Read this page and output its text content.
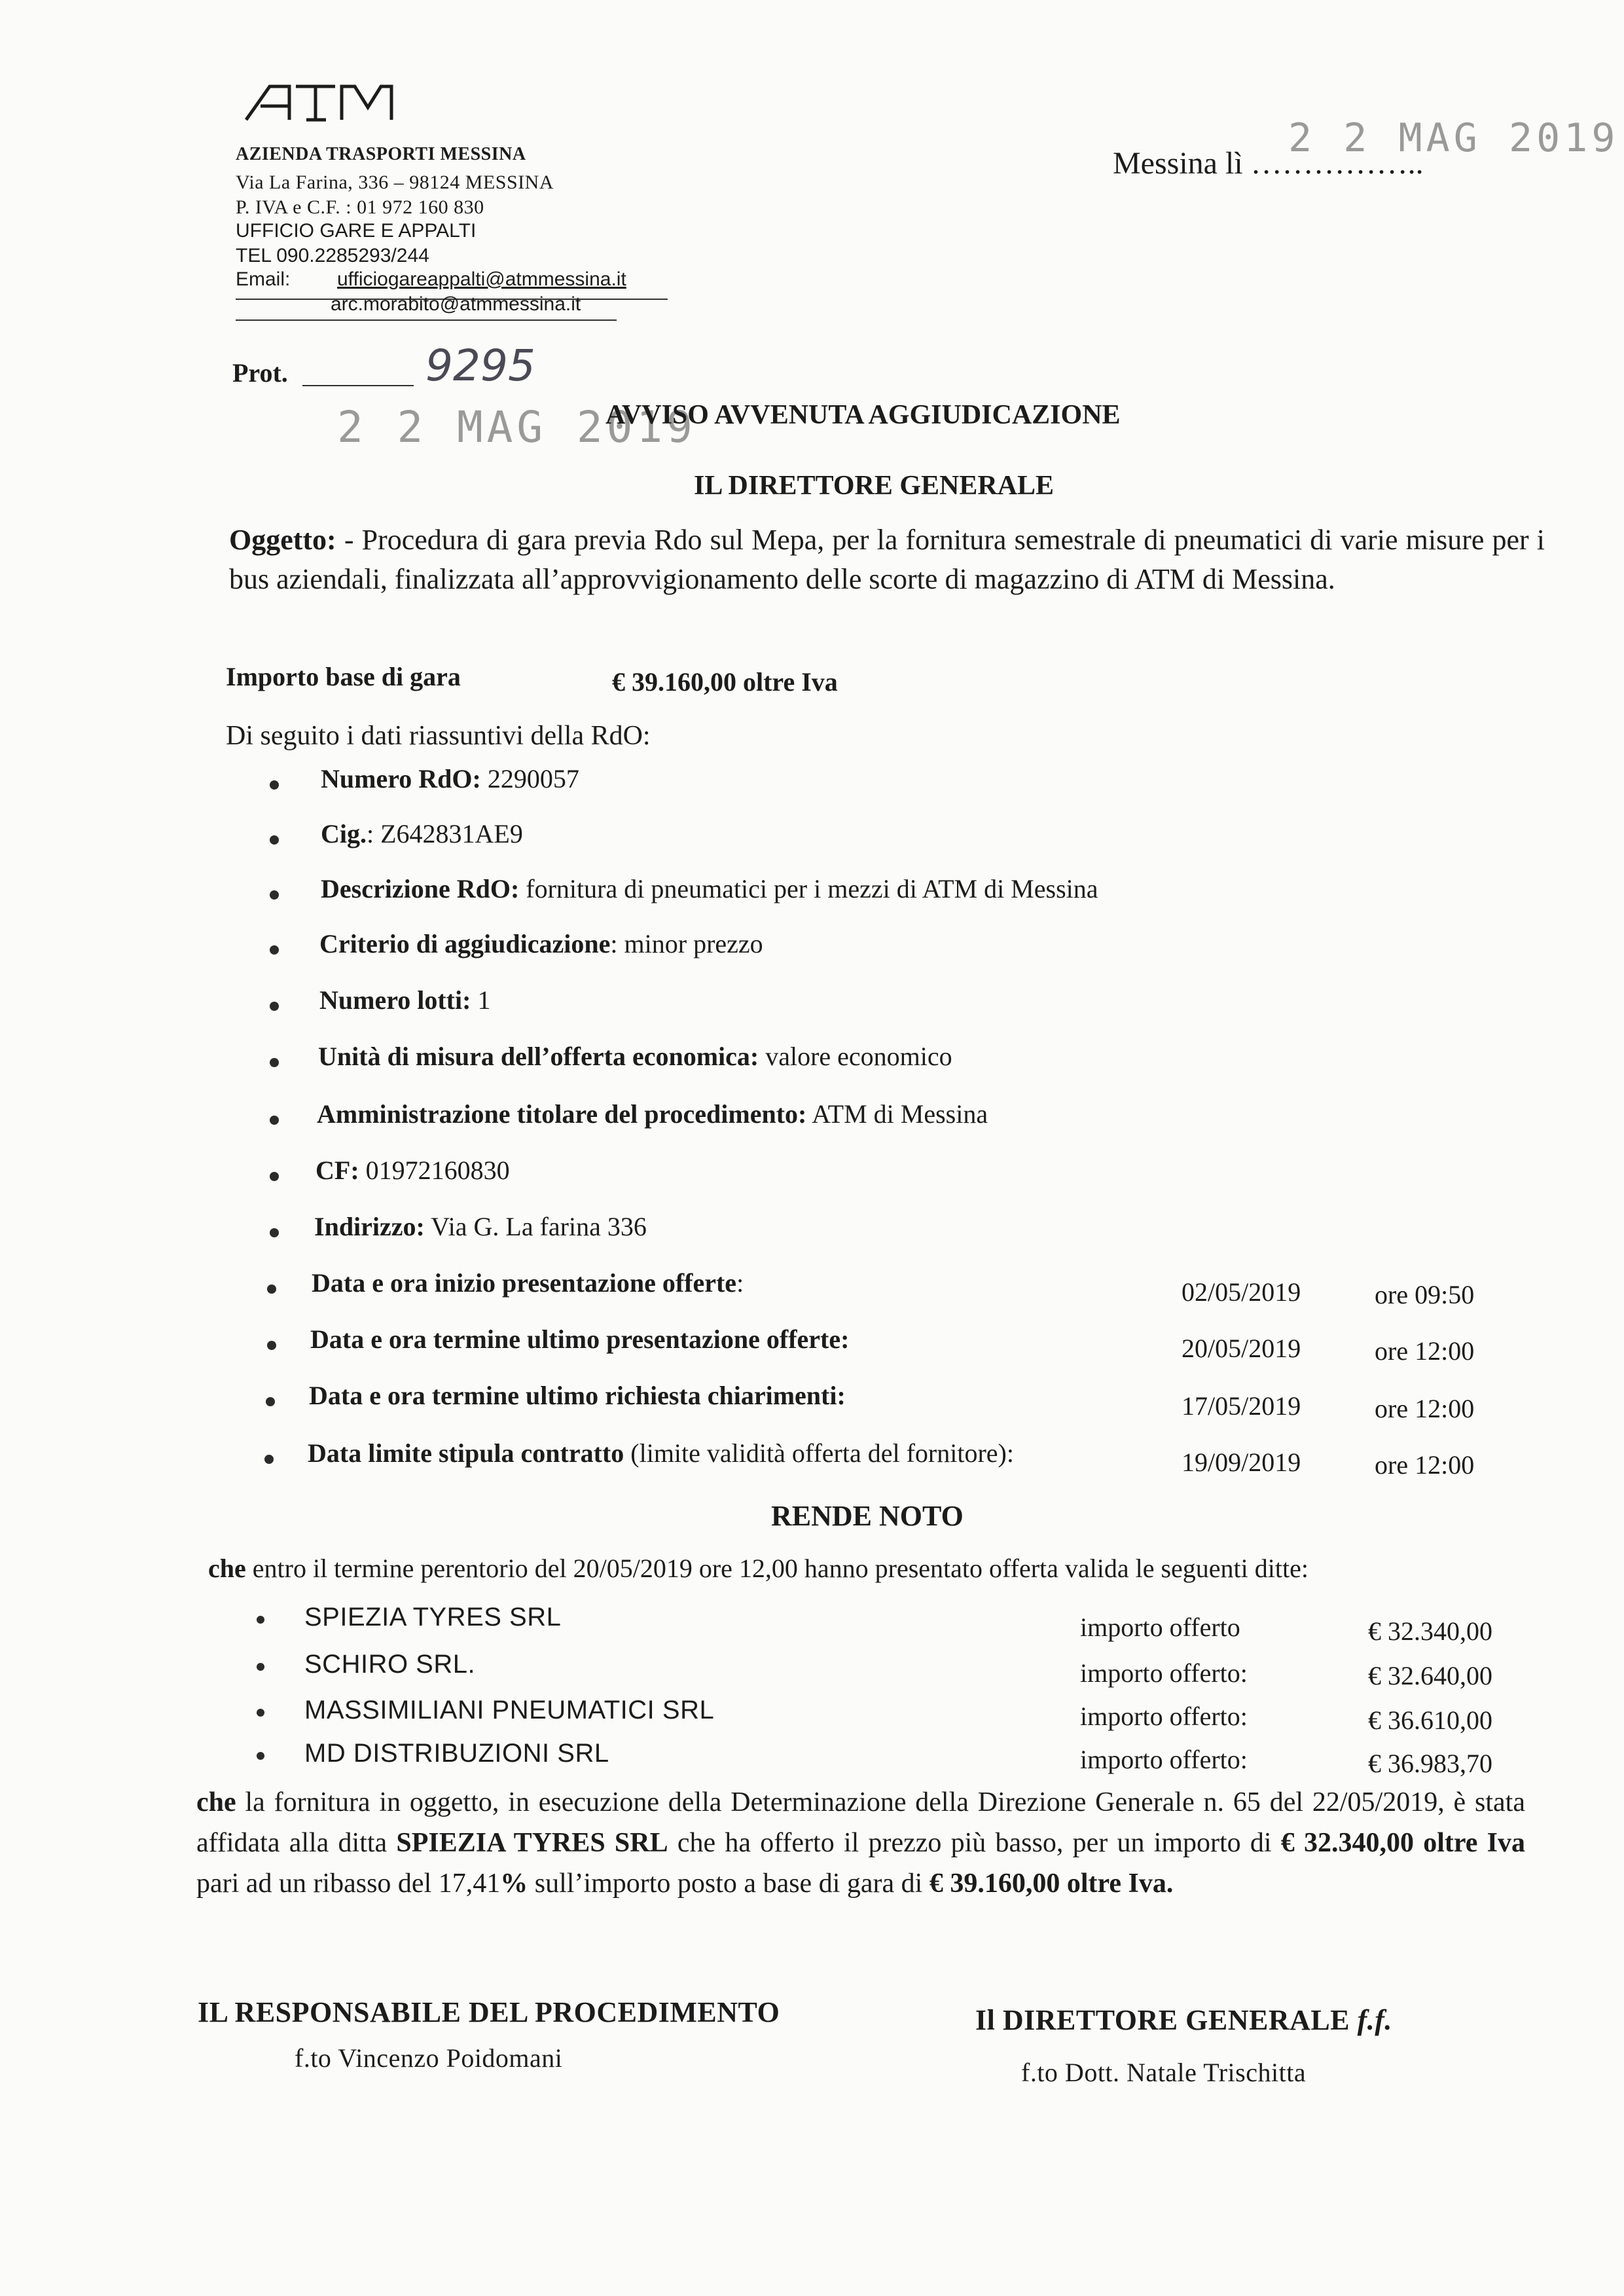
AZIENDA TRASPORTI MESSINA
Via La Farina, 336 – 98124 MESSINA
P. IVA e C.F. : 01 972 160 830
UFFICIO GARE E APPALTI
TEL 090.2285293/244
Email: ufficiogareappalti@atmmessina.it
arc.morabito@atmmessina.it
Messina lì ……………..
2 2 MAG 2019
Prot.	9295
2 2 MAG 2019
AVVISO AVVENUTA AGGIUDICAZIONE
IL DIRETTORE GENERALE
Oggetto: - Procedura di gara previa Rdo sul Mepa, per la fornitura semestrale di pneumatici di varie misure per i bus aziendali, finalizzata all’approvvigionamento delle scorte di magazzino di ATM di Messina.
Importo base di gara	€ 39.160,00 oltre Iva
Di seguito i dati riassuntivi della RdO:
Numero RdO: 2290057
Cig.: Z642831AE9
Descrizione RdO: fornitura di pneumatici per i mezzi di ATM di Messina
Criterio di aggiudicazione: minor prezzo
Numero lotti: 1
Unità di misura dell’offerta economica: valore economico
Amministrazione titolare del procedimento: ATM di Messina
CF: 01972160830
Indirizzo: Via G. La farina 336
Data e ora inizio presentazione offerte:	02/05/2019	ore 09:50
Data e ora termine ultimo presentazione offerte:	20/05/2019	ore 12:00
Data e ora termine ultimo richiesta chiarimenti:	17/05/2019	ore 12:00
Data limite stipula contratto (limite validità offerta del fornitore):	19/09/2019	ore 12:00
RENDE NOTO
che entro il termine perentorio del 20/05/2019 ore 12,00 hanno presentato offerta valida le seguenti ditte:
SPIEZIA TYRES SRL	importo offerto	€ 32.340,00
SCHIRO SRL.	importo offerto:	€ 32.640,00
MASSIMILIANI PNEUMATICI SRL	importo offerto:	€ 36.610,00
MD DISTRIBUZIONI SRL	importo offerto:	€ 36.983,70
che la fornitura in oggetto, in esecuzione della Determinazione della Direzione Generale n. 65 del 22/05/2019, è stata affidata alla ditta SPIEZIA TYRES SRL che ha offerto il prezzo più basso, per un importo di € 32.340,00 oltre Iva pari ad un ribasso del 17,41% sull’importo posto a base di gara di € 39.160,00 oltre Iva.
IL RESPONSABILE DEL PROCEDIMENTO
f.to Vincenzo Poidomani
Il DIRETTORE GENERALE f.f.
f.to Dott. Natale Trischitta
